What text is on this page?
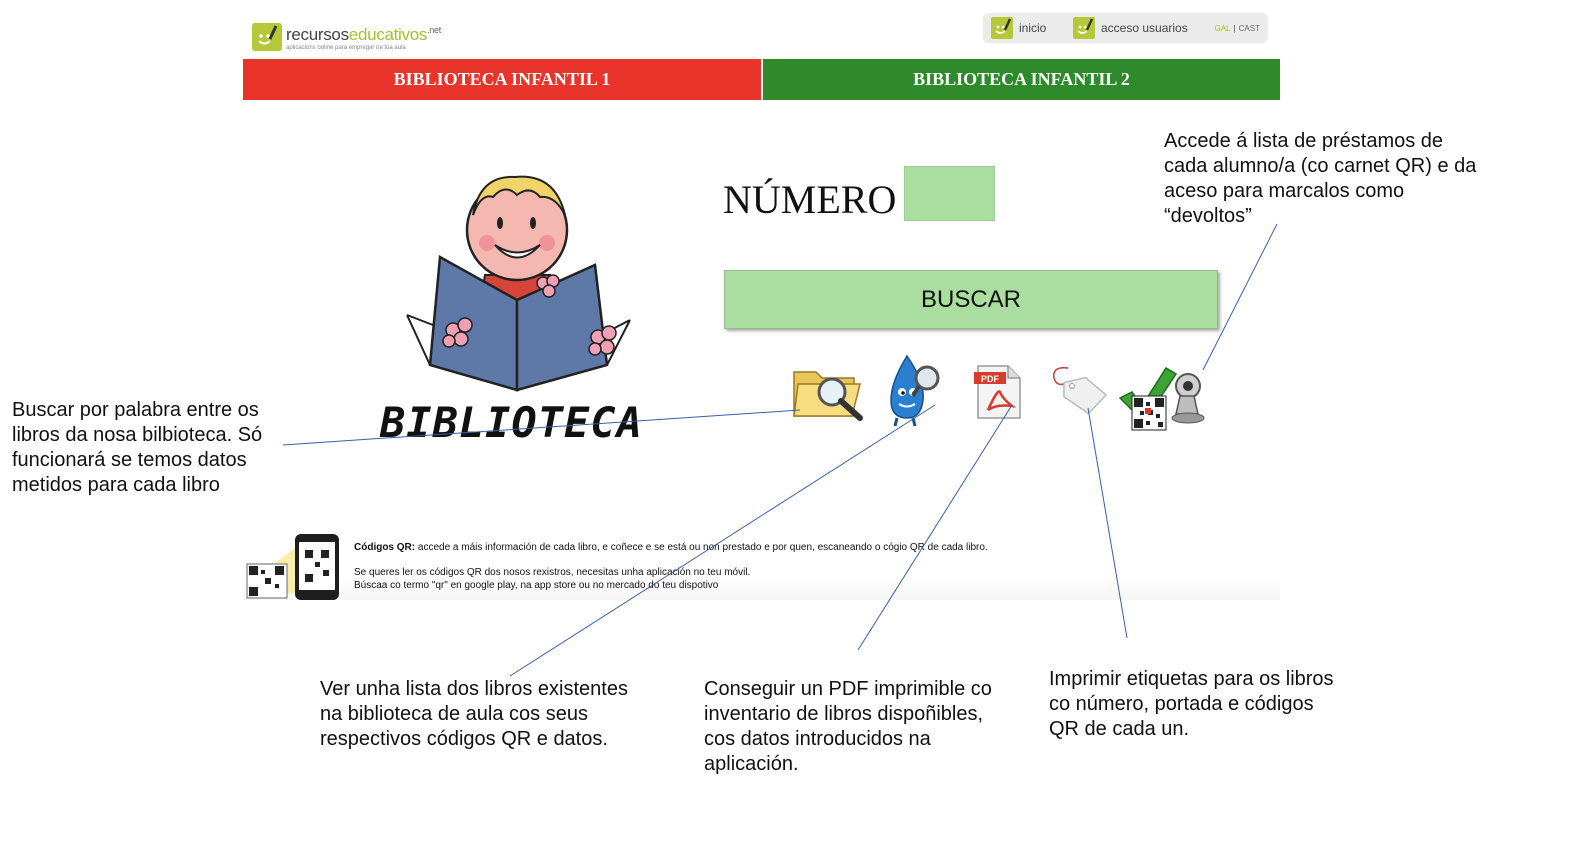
recursoseducativos$^{.net}$
aplicacións online para empregar na túa aula
inicio	acceso usuarios	GAL | CAST
BIBLIOTECA INFANTIL 1	BIBLIOTECA INFANTIL 2
BIBLIOTECA
NÚMERO
BUSCAR
PDF

Códigos QR: accede a máis información de cada libro, e coñece e se está ou non prestado e por quen, escaneando o cógio QR de cada libro.

Se queres ler os códigos QR dos nosos rexistros, necesitas unha aplicación no teu móvil.

Búscaa co termo "qr" en google play, na app store ou no mercado do teu dispotivo

Buscar por palabra entre os libros da nosa bilbioteca. Só funcionará se temos datos metidos para cada libro
Ver unha lista dos libros existentes na biblioteca de aula cos seus respectivos códigos QR e datos.
Conseguir un PDF imprimible co inventario de libros dispoñibles, cos datos introducidos na aplicación.
Imprimir etiquetas para os libros co número, portada e códigos QR de cada un.
Accede á lista de préstamos de cada alumno/a (co carnet QR) e da aceso para marcalos como “devoltos”
